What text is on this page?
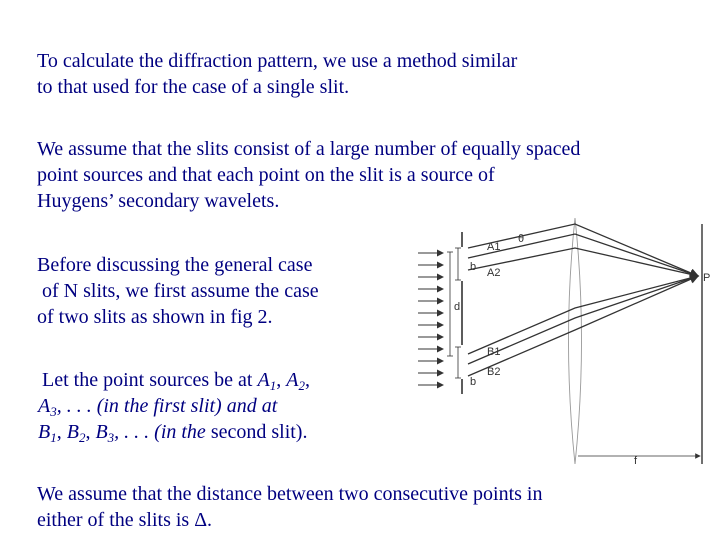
To calculate the diffraction pattern, we use a method similar
to that used for the case of a single slit.

We assume that the slits consist of a large number of equally spaced
point sources and that each point on the slit is a source of
Huygens’ secondary wavelets.

Before discussing the general case
of N slits, we first assume the case
of two slits as shown in fig 2.

Let the point sources be at $A_1$, $A_2$,
$A_3$, . . . (in the first slit) and at
$B_1$, $B_2$, $B_3$, . . . (in the second slit).

We assume that the distance between two consecutive points in
either of the slits is Δ.

θ
A1
A2
b
d
B1
B2
b
P
f
